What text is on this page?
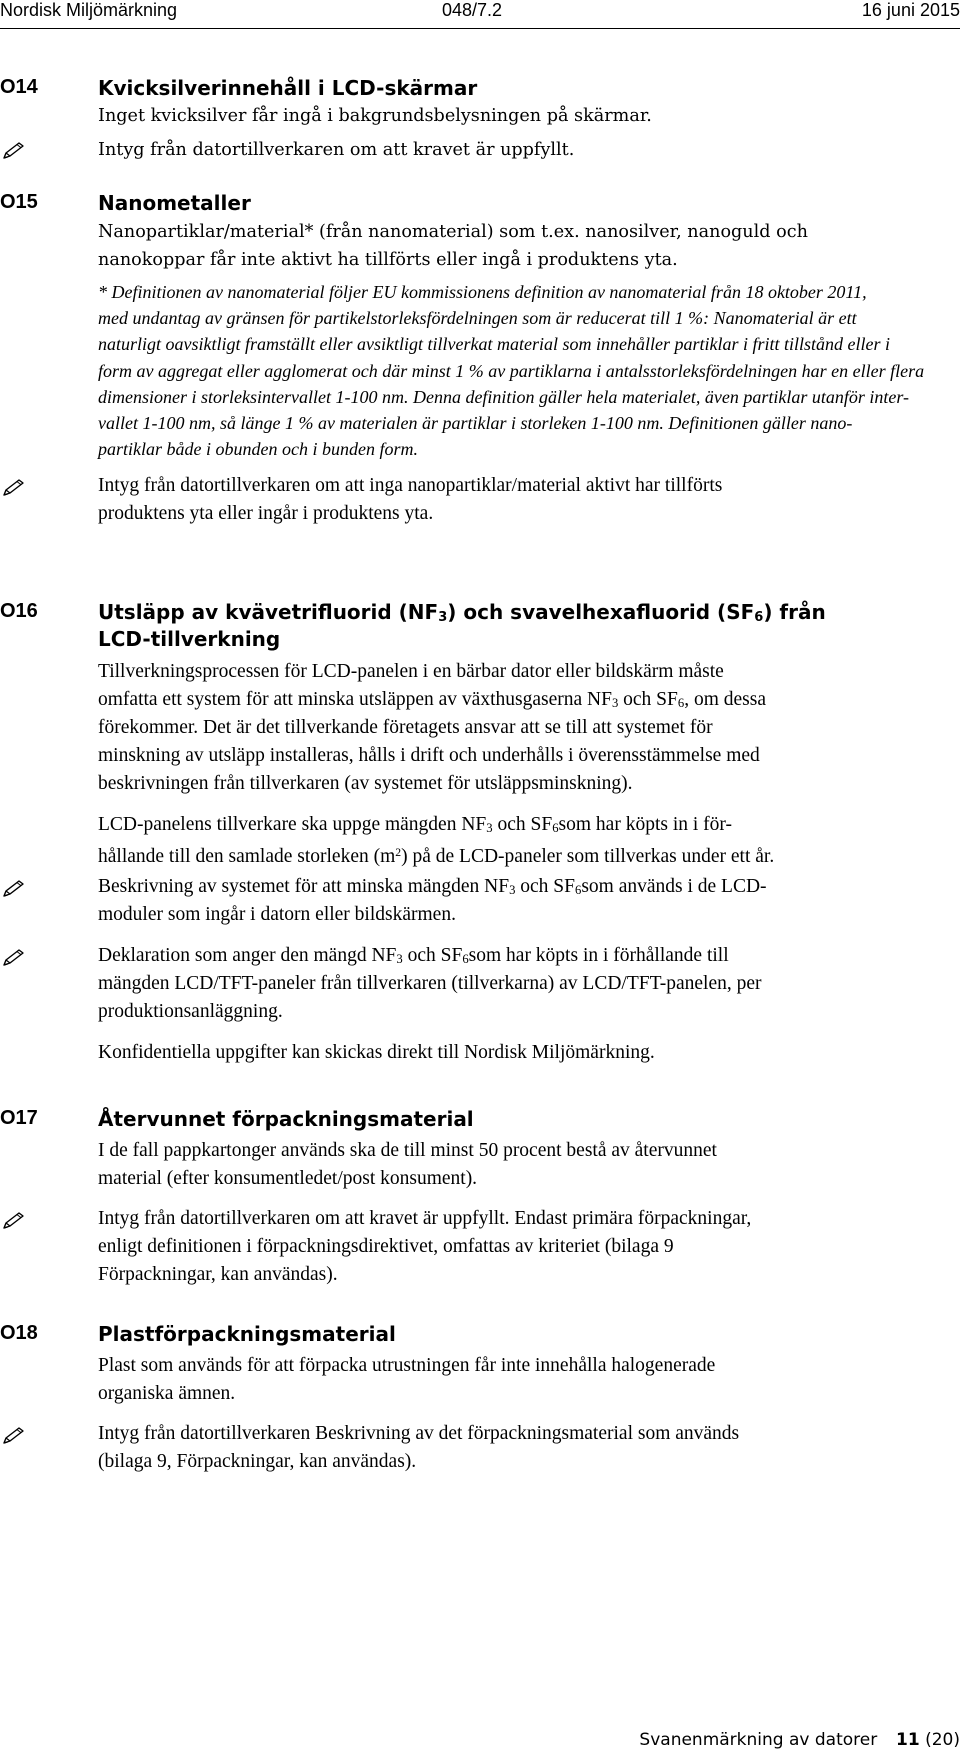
Nordisk Miljömärkning	048/7.2	16 juni 2015
O14	Kvicksilverinnehåll i LCD-skärmar
Inget kvicksilver får ingå i bakgrundsbelysningen på skärmar.
Intyg från datortillverkaren om att kravet är uppfyllt.
O15	Nanometaller
Nanopartiklar/material* (från nanomaterial) som t.ex. nanosilver, nanoguld och
nanokoppar får inte aktivt ha tillförts eller ingå i produktens yta.
* Definitionen av nanomaterial följer EU kommissionens definition av nanomaterial från 18 oktober 2011,
med undantag av gränsen för partikelstorleksfördelningen som är reducerat till 1 %: Nanomaterial är ett
naturligt oavsiktligt framställt eller avsiktligt tillverkat material som innehåller partiklar i fritt tillstånd eller i
form av aggregat eller agglomerat och där minst 1 % av partiklarna i antalsstorleksfördelningen har en eller flera
dimensioner i storleksintervallet 1-100 nm. Denna definition gäller hela materialet, även partiklar utanför inter-
vallet 1-100 nm, så länge 1 % av materialen är partiklar i storleken 1-100 nm. Definitionen gäller nano-
partiklar både i obunden och i bunden form.
Intyg från datortillverkaren om att inga nanopartiklar/material aktivt har tillförts
produktens yta eller ingår i produktens yta.
O16	Utsläpp av kvävetrifluorid $(NF_3)$ och svavelhexafluorid $(SF_6)$ från
LCD-tillverkning
Tillverkningsprocessen för LCD-panelen i en bärbar dator eller bildskärm måste
omfatta ett system för att minska utsläppen av växthusgaserna $NF_3$ och $SF_6$, om dessa
förekommer. Det är det tillverkande företagets ansvar att se till att systemet för
minskning av utsläpp installeras, hålls i drift och underhålls i överensstämmelse med
beskrivningen från tillverkaren (av systemet för utsläppsminskning).
LCD-panelens tillverkare ska uppge mängden $NF_3$ och $SF_6som$ har köpts in i för-
hållande till den samlade storleken $(m^2)$ på de LCD-paneler som tillverkas under ett år.
Beskrivning av systemet för att minska mängden $NF_3$ och $SF_6som$ används i de LCD-
moduler som ingår i datorn eller bildskärmen.
Deklaration som anger den mängd $NF_3$ och $SF_6som$ har köpts in i förhållande till
mängden LCD/TFT-paneler från tillverkaren (tillverkarna) av LCD/TFT-panelen, per
produktionsanläggning.
Konfidentiella uppgifter kan skickas direkt till Nordisk Miljömärkning.
O17	Återvunnet förpackningsmaterial
I de fall pappkartonger används ska de till minst 50 procent bestå av återvunnet
material (efter konsumentledet/post konsument).
Intyg från datortillverkaren om att kravet är uppfyllt. Endast primära förpackningar,
enligt definitionen i förpackningsdirektivet, omfattas av kriteriet (bilaga 9
Förpackningar, kan användas).
O18	Plastförpackningsmaterial
Plast som används för att förpacka utrustningen får inte innehålla halogenerade
organiska ämnen.
Intyg från datortillverkaren Beskrivning av det förpackningsmaterial som används
(bilaga 9, Förpackningar, kan användas).
Svanenmärkning av datorer 11 (20)
